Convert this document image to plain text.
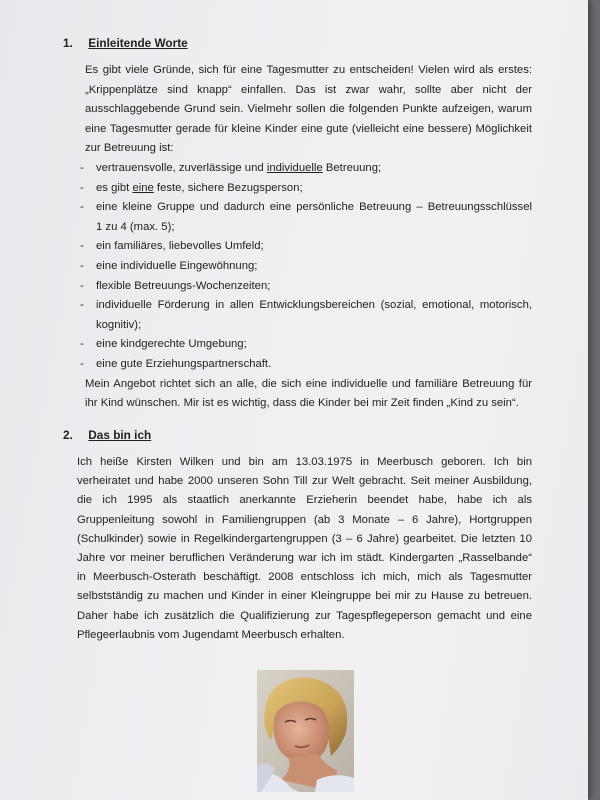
1. Einleitende Worte
Es gibt viele Gründe, sich für eine Tagesmutter zu entscheiden! Vielen wird als erstes:
„Krippenplätze sind knapp“ einfallen. Das ist zwar wahr, sollte aber nicht der
ausschlaggebende Grund sein. Vielmehr sollen die folgenden Punkte aufzeigen, warum
eine Tagesmutter gerade für kleine Kinder eine gute (vielleicht eine bessere) Möglichkeit
zur Betreuung ist:
- vertrauensvolle, zuverlässige und individuelle Betreuung;
- es gibt eine feste, sichere Bezugsperson;
- eine kleine Gruppe und dadurch eine persönliche Betreuung – Betreuungsschlüssel
1 zu 4 (max. 5);
- ein familiäres, liebevolles Umfeld;
- eine individuelle Eingewöhnung;
- flexible Betreuungs-Wochenzeiten;
- individuelle Förderung in allen Entwicklungsbereichen (sozial, emotional, motorisch,
kognitiv);
- eine kindgerechte Umgebung;
- eine gute Erziehungspartnerschaft.
Mein Angebot richtet sich an alle, die sich eine individuelle und familiäre Betreuung für
ihr Kind wünschen. Mir ist es wichtig, dass die Kinder bei mir Zeit finden „Kind zu sein“.
2. Das bin ich
Ich heiße Kirsten Wilken und bin am 13.03.1975 in Meerbusch geboren. Ich bin
verheiratet und habe 2000 unseren Sohn Till zur Welt gebracht. Seit meiner Ausbildung,
die ich 1995 als staatlich anerkannte Erzieherin beendet habe, habe ich als
Gruppenleitung sowohl in Familiengruppen (ab 3 Monate – 6 Jahre), Hortgruppen
(Schulkinder) sowie in Regelkindergartengruppen (3 – 6 Jahre) gearbeitet. Die letzten 10
Jahre vor meiner beruflichen Veränderung war ich im städt. Kindergarten „Rasselbande“
in Meerbusch-Osterath beschäftigt. 2008 entschloss ich mich, mich als Tagesmutter
selbstständig zu machen und Kinder in einer Kleingruppe bei mir zu Hause zu betreuen.
Daher habe ich zusätzlich die Qualifizierung zur Tagespflegeperson gemacht und eine
Pflegeerlaubnis vom Jugendamt Meerbusch erhalten.
